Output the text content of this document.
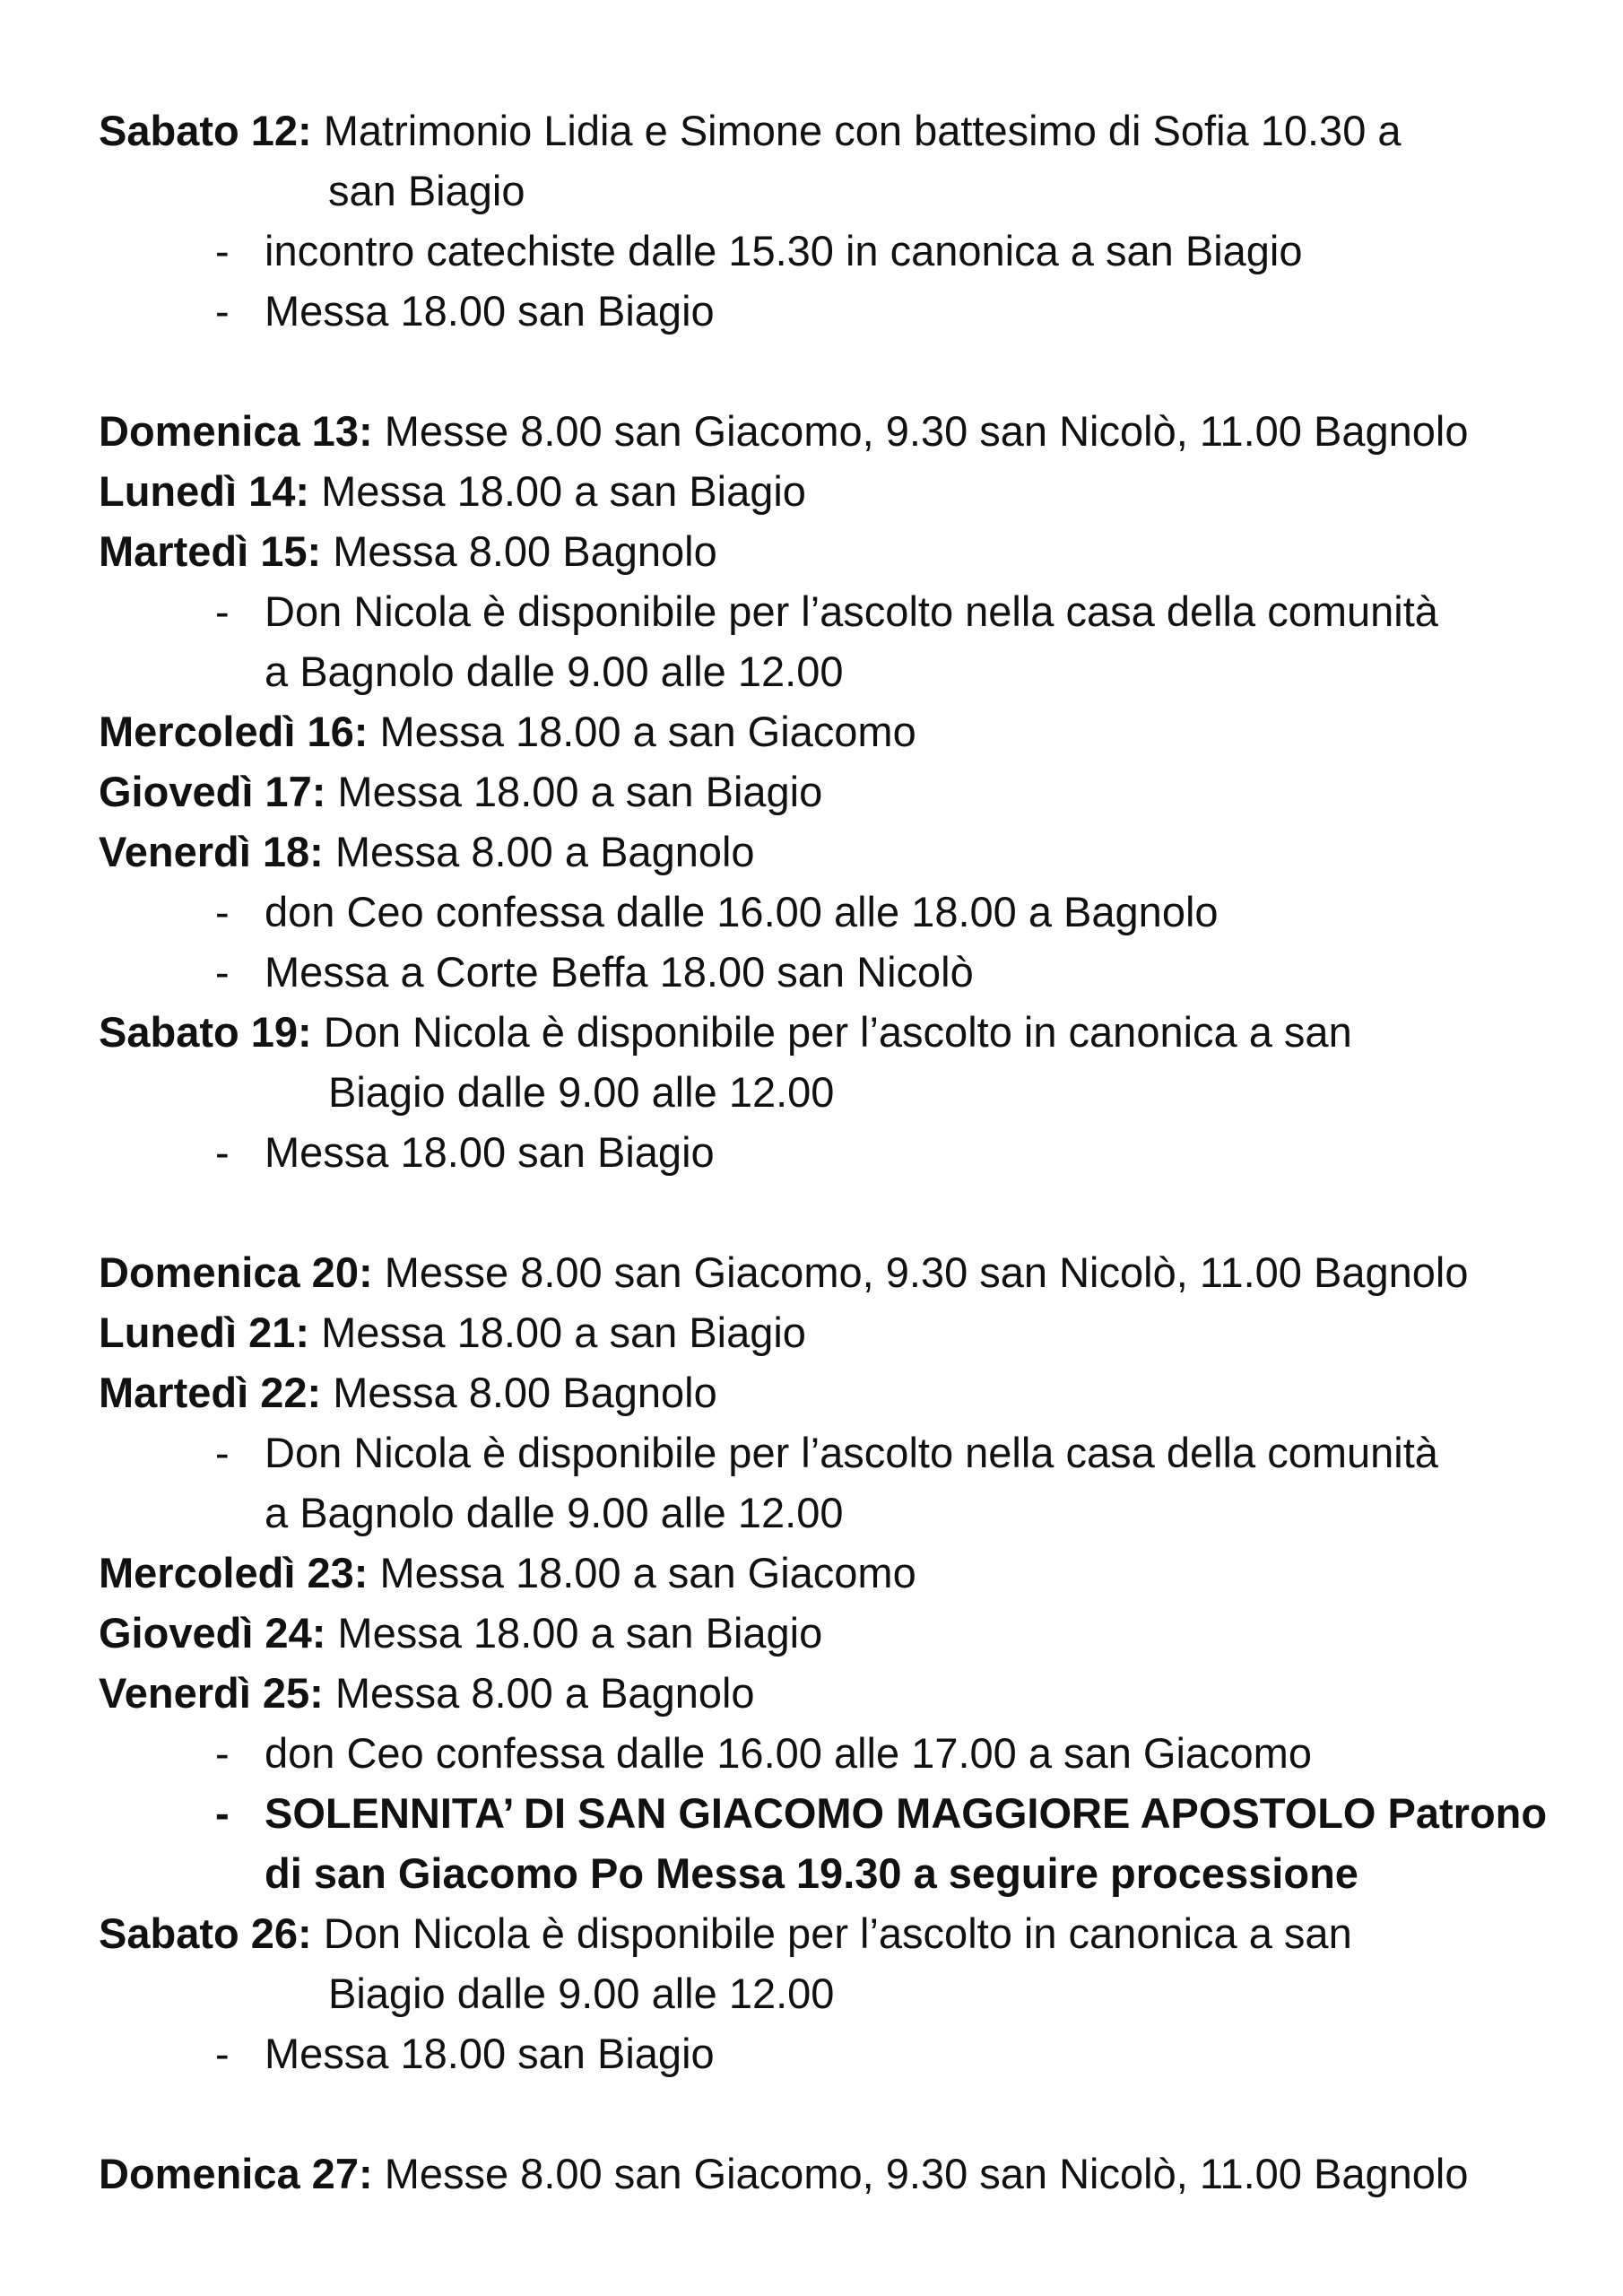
Sabato 12: Matrimonio Lidia e Simone con battesimo di Sofia 10.30 a
san Biagio
- incontro catechiste dalle 15.30 in canonica a san Biagio
- Messa 18.00 san Biagio
Domenica 13: Messe 8.00 san Giacomo, 9.30 san Nicolò, 11.00 Bagnolo
Lunedì 14: Messa 18.00 a san Biagio
Martedì 15: Messa 8.00 Bagnolo
- Don Nicola è disponibile per l’ascolto nella casa della comunità
a Bagnolo dalle 9.00 alle 12.00
Mercoledì 16: Messa 18.00 a san Giacomo
Giovedì 17: Messa 18.00 a san Biagio
Venerdì 18: Messa 8.00 a Bagnolo
- don Ceo confessa dalle 16.00 alle 18.00 a Bagnolo
- Messa a Corte Beffa 18.00 san Nicolò
Sabato 19: Don Nicola è disponibile per l’ascolto in canonica a san
Biagio dalle 9.00 alle 12.00
- Messa 18.00 san Biagio
Domenica 20: Messe 8.00 san Giacomo, 9.30 san Nicolò, 11.00 Bagnolo
Lunedì 21: Messa 18.00 a san Biagio
Martedì 22: Messa 8.00 Bagnolo
- Don Nicola è disponibile per l’ascolto nella casa della comunità
a Bagnolo dalle 9.00 alle 12.00
Mercoledì 23: Messa 18.00 a san Giacomo
Giovedì 24: Messa 18.00 a san Biagio
Venerdì 25: Messa 8.00 a Bagnolo
- don Ceo confessa dalle 16.00 alle 17.00 a san Giacomo
- SOLENNITA’ DI SAN GIACOMO MAGGIORE APOSTOLO Patrono
di san Giacomo Po Messa 19.30 a seguire processione
Sabato 26: Don Nicola è disponibile per l’ascolto in canonica a san
Biagio dalle 9.00 alle 12.00
- Messa 18.00 san Biagio
Domenica 27: Messe 8.00 san Giacomo, 9.30 san Nicolò, 11.00 Bagnolo
